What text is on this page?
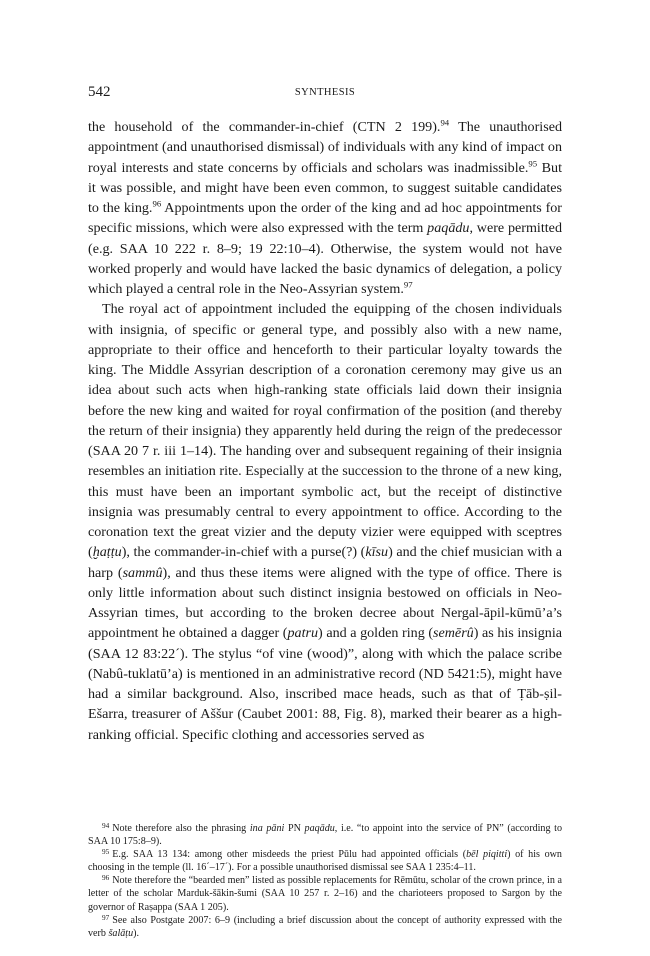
542	SYNTHESIS

the household of the commander-in-chief (CTN 2 199).$^{94}$ The unauthorised appointment (and unauthorised dismissal) of individuals with any kind of impact on royal interests and state concerns by officials and scholars was inadmissible.$^{95}$ But it was possible, and might have been even common, to suggest suitable candidates to the king.$^{96}$ Appointments upon the order of the king and ad hoc appointments for specific missions, which were also expressed with the term paqādu, were permitted (e.g. SAA 10 222 r. 8–9; 19 22:10–4). Otherwise, the system would not have worked properly and would have lacked the basic dynamics of delegation, a policy which played a central role in the Neo-Assyrian system.$^{97}$

The royal act of appointment included the equipping of the chosen individuals with insignia, of specific or general type, and possibly also with a new name, appropriate to their office and henceforth to their particular loyalty towards the king. The Middle Assyrian description of a coronation ceremony may give us an idea about such acts when high-ranking state officials laid down their insignia before the new king and waited for royal confirmation of the position (and thereby the return of their insignia) they apparently held during the reign of the predecessor (SAA 20 7 r. iii 1–14). The handing over and subsequent regaining of their insignia resembles an initiation rite. Especially at the succession to the throne of a new king, this must have been an important symbolic act, but the receipt of distinctive insignia was presumably central to every appointment to office. According to the coronation text the great vizier and the deputy vizier were equipped with sceptres (ḫaṭṭu), the commander-in-chief with a purse(?) (kīsu) and the chief musician with a harp (sammû), and thus these items were aligned with the type of office. There is only little information about such distinct insignia bestowed on officials in Neo-Assyrian times, but according to the broken decree about Nergal-āpil-kūmū’a’s appointment he obtained a dagger (patru) and a golden ring (semērû) as his insignia (SAA 12 83:22´). The stylus “of vine (wood)”, along with which the palace scribe (Nabû-tuklatū’a) is mentioned in an administrative record (ND 5421:5), might have had a similar background. Also, inscribed mace heads, such as that of Ṭāb-ṣil-Ešarra, treasurer of Aššur (Caubet 2001: 88, Fig. 8), marked their bearer as a high-ranking official. Specific clothing and accessories served as

$^{94}$ Note therefore also the phrasing ina pāni PN paqādu, i.e. “to appoint into the service of PN” (according to SAA 10 175:8–9).

$^{95}$ E.g. SAA 13 134: among other misdeeds the priest Pūlu had appointed officials (bēl piqitti) of his own choosing in the temple (ll. 16´–17´). For a possible unauthorised dismissal see SAA 1 235:4–11.

$^{96}$ Note therefore the “bearded men” listed as possible replacements for Rēmūtu, scholar of the crown prince, in a letter of the scholar Marduk-šākin-šumi (SAA 10 257 r. 2–16) and the charioteers proposed to Sargon by the governor of Raṣappa (SAA 1 205).

$^{97}$ See also Postgate 2007: 6–9 (including a brief discussion about the concept of authority expressed with the verb šalāṭu).
